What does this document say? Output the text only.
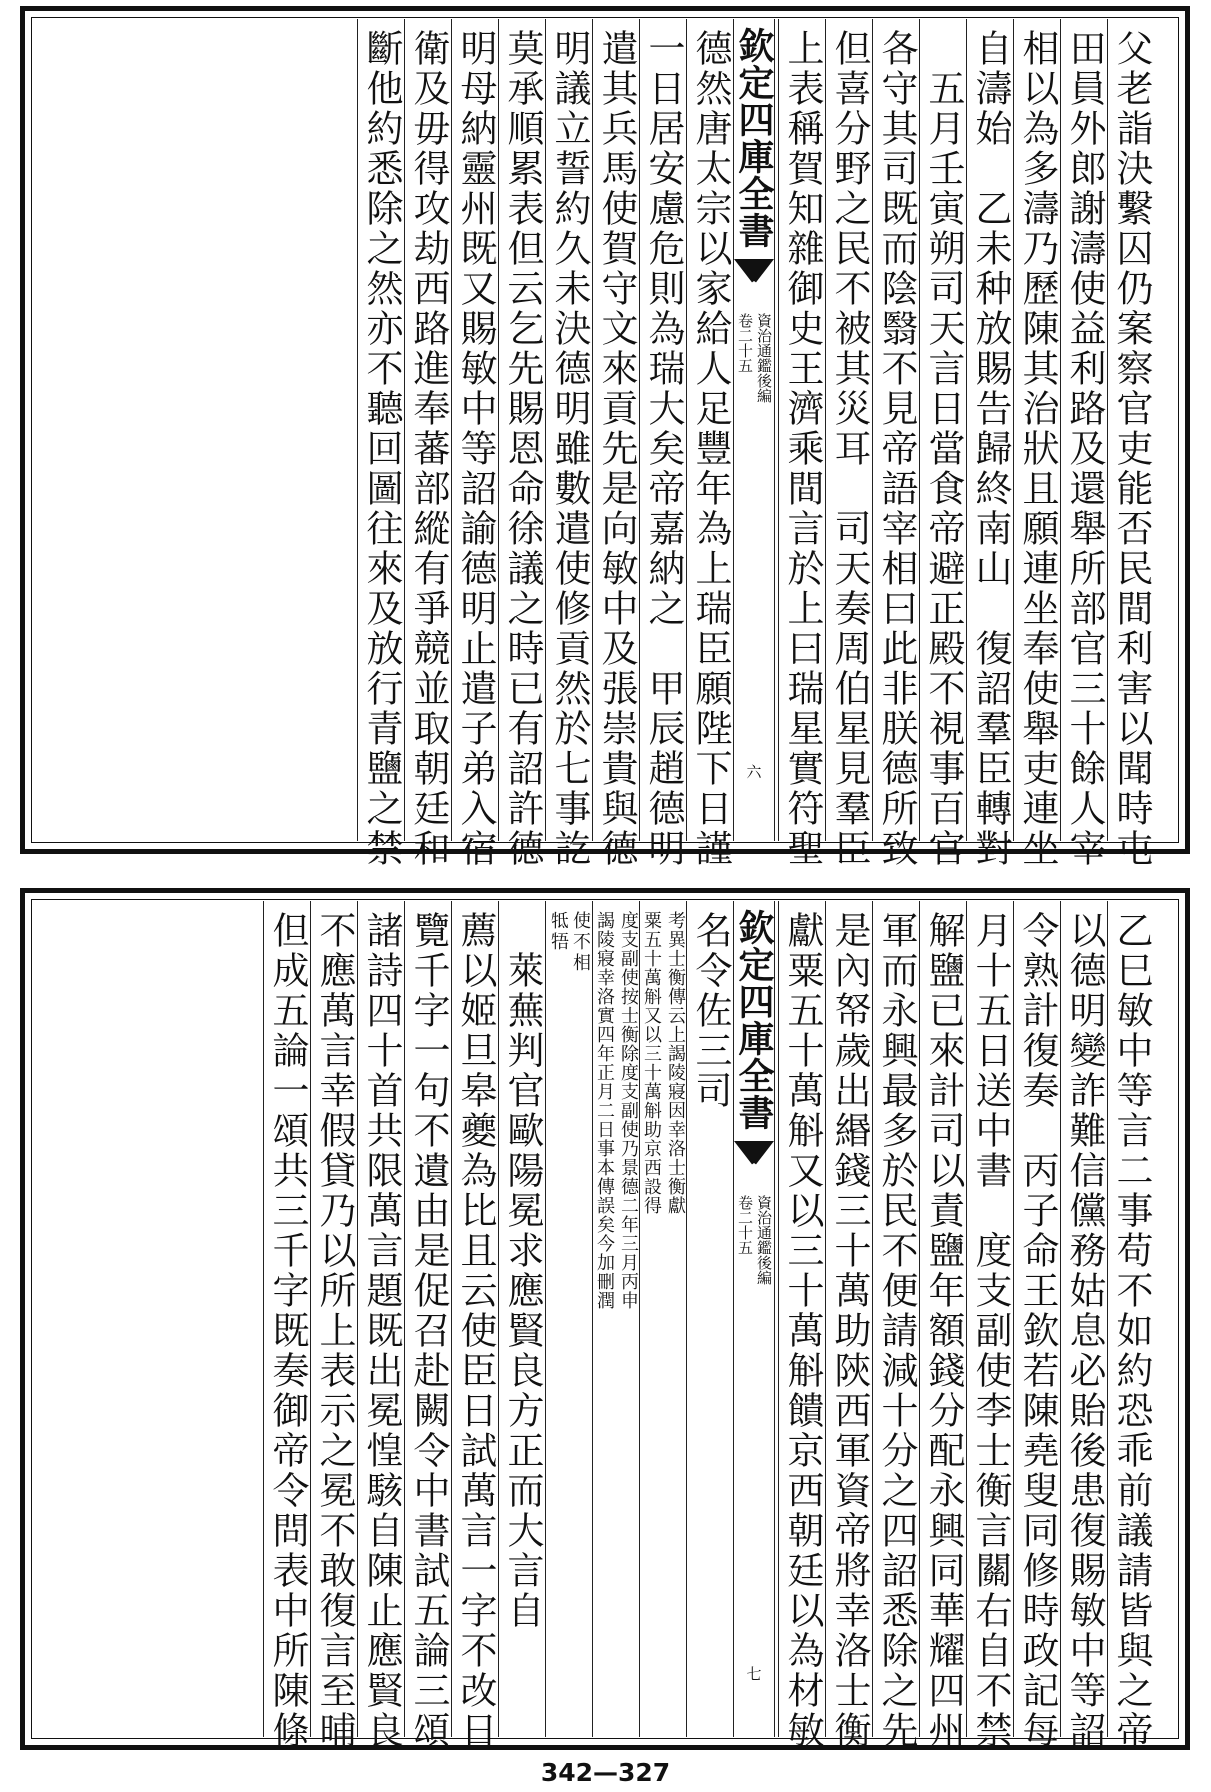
父老詣決繫囚仍案察官吏能否民間利害以聞時屯
田員外郎謝濤使益利路及還舉所部官三十餘人宰
相以為多濤乃歷陳其治狀且願連坐奉使舉吏連坐
自濤始　乙未种放賜告歸終南山　復詔羣臣轉對
　五月壬寅朔司天言日當食帝避正殿不視事百官
各守其司既而陰翳不見帝語宰相曰此非朕德所致
但喜分野之民不被其災耳　司天奏周伯星見羣臣
上表稱賀知雜御史王濟乘間言於上曰瑞星實符聖
欽定四庫全書
資治通鑑後編
卷二十五
六
德然唐太宗以家給人足豐年為上瑞臣願陛下日謹
一日居安慮危則為瑞大矣帝嘉納之　甲辰趙德明
遣其兵馬使賀守文來貢先是向敏中及張崇貴與德
明議立誓約久未決德明雖數遣使修貢然於七事訖
莫承順累表但云乞先賜恩命徐議之時已有詔許德
明母納靈州既又賜敏中等詔諭德明止遣子弟入宿
衛及毋得攻劫西路進奉蕃部縱有爭競並取朝廷和
斷他約悉除之然亦不聽回圖往來及放行青鹽之禁
乙巳敏中等言二事苟不如約恐乖前議請皆與之帝
以德明變詐難信儻務姑息必貽後患復賜敏中等詔
令熟計復奏　丙子命王欽若陳堯叟同修時政記每
月十五日送中書　度支副使李士衡言關右自不禁
解鹽已來計司以責鹽年額錢分配永興同華耀四州
軍而永興最多於民不便請減十分之四詔悉除之先
是內帑歲出緡錢三十萬助陝西軍資帝將幸洛士衡
獻粟五十萬斛又以三十萬斛饋京西朝廷以為材敏
欽定四庫全書
資治通鑑後編
卷二十五
七
名令佐三司
粟五十萬斛又以三十萬斛助京西設得 考異士衡傳云上謁陵寢因幸洛士衡獻
謁陵寢幸洛實四年正月二日事本傳誤矣今加刪潤 度支副使按士衡除度支副使乃景德二年三月丙申
使不相
牴牾
　萊蕪判官歐陽冕求應賢良方正而大言自
薦以姬旦皋夔為比且云使臣日試萬言一字不改日
覽千字一句不遺由是促召赴闕令中書試五論三頌
諸詩四十首共限萬言題既出冕惶駭自陳止應賢良
不應萬言幸假貸乃以所上表示之冕不敢復言至晡
但成五論一頌共三千字既奏御帝令問表中所陳條
342—327
